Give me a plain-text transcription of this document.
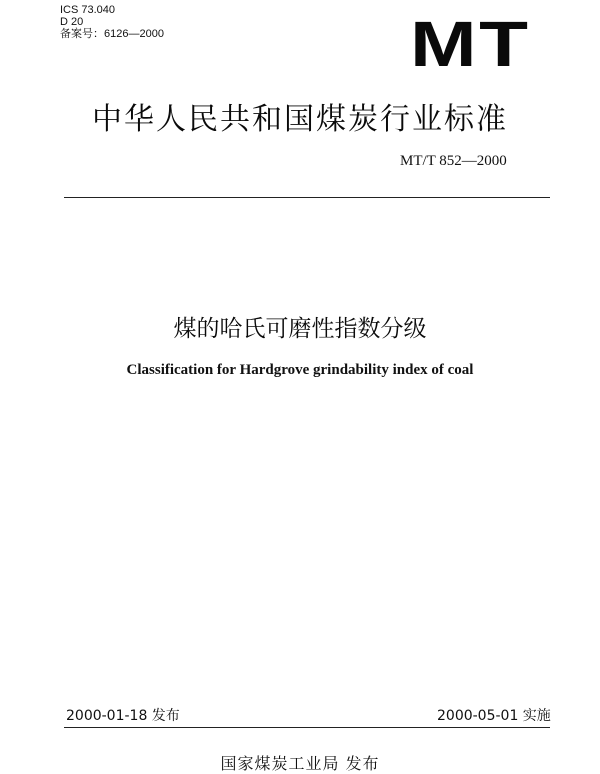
ICS 73.040
D 20
备案号：6126—2000	MT
中华人民共和国煤炭行业标准
MT/T 852—2000
煤的哈氏可磨性指数分级
Classification for Hardgrove grindability index of coal
2000-01-18 发布	2000-05-01 实施
国家煤炭工业局 发布
